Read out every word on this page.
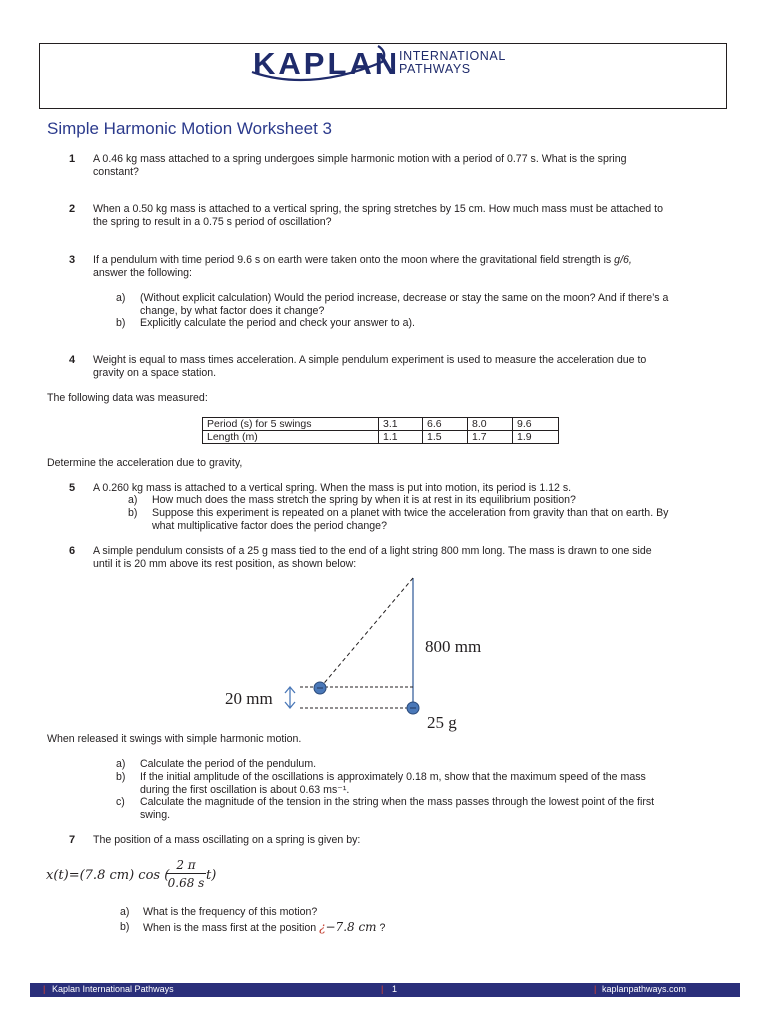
KAPLAN
INTERNATIONAL
PATHWAYS
Simple Harmonic Motion Worksheet 3
1 A 0.46 kg mass attached to a spring undergoes simple harmonic motion with a period of 0.77 s. What is the spring
constant?
2 When a 0.50 kg mass is attached to a vertical spring, the spring stretches by 15 cm. How much mass must be attached to
the spring to result in a 0.75 s period of oscillation?
3 If a pendulum with time period 9.6 s on earth were taken onto the moon where the gravitational field strength is g/6,
answer the following:
a) (Without explicit calculation) Would the period increase, decrease or stay the same on the moon? And if there’s a
change, by what factor does it change?
b) Explicitly calculate the period and check your answer to a).
4 Weight is equal to mass times acceleration. A simple pendulum experiment is used to measure the acceleration due to
gravity on a space station.
The following data was measured:
Period (s) for 5 swings	3.1	6.6	8.0	9.6
Length (m)	1.1	1.5	1.7	1.9
Determine the acceleration due to gravity,
5 A 0.260 kg mass is attached to a vertical spring. When the mass is put into motion, its period is 1.12 s.
a) How much does the mass stretch the spring by when it is at rest in its equilibrium position?
b) Suppose this experiment is repeated on a planet with twice the acceleration from gravity than that on earth. By
what multiplicative factor does the period change?
6 A simple pendulum consists of a 25 g mass tied to the end of a light string 800 mm long. The mass is drawn to one side
until it is 20 mm above its rest position, as shown below:
800 mm
20 mm
25 g
When released it swings with simple harmonic motion.
a) Calculate the period of the pendulum.
b) If the initial amplitude of the oscillations is approximately 0.18 m, show that the maximum speed of the mass
during the first oscillation is about 0.63 ms⁻¹.
c) Calculate the magnitude of the tension in the string when the mass passes through the lowest point of the first
swing.
7 The position of a mass oscillating on a spring is given by:
x(t)=(7.8 cm) cos (
2 π
0.68 s t)
a) What is the frequency of this motion?
b) When is the mass first at the position ¿−7.8 cm ?
| Kaplan International Pathways	| 1	| kaplanpathways.com
